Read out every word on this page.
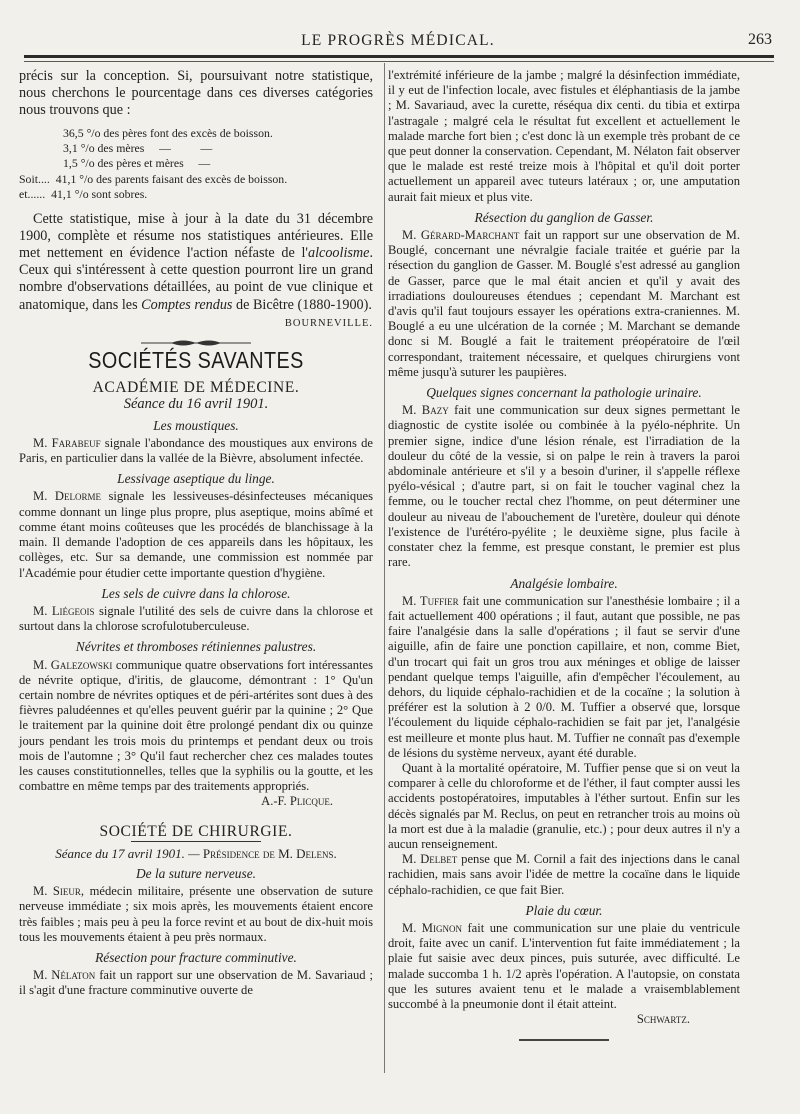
LE PROGRÈS MÉDICAL.	263

précis sur la conception. Si, poursuivant notre statistique, nous cherchons le pourcentage dans ces diverses catégories nous trouvons que :

36,5 °/o des pères font des excès de boisson.
3,1 °/o des mères     —          —
1,5 °/o des pères et mères     —
Soit....  41,1 °/o des parents faisant des excès de boisson.
et......  41,1 °/o sont sobres.

Cette statistique, mise à jour à la date du 31 décembre 1900, complète et résume nos statistiques antérieures. Elle met nettement en évidence l'action néfaste de l'alcoolisme. Ceux qui s'intéressent à cette question pourront lire un grand nombre d'observations détaillées, au point de vue clinique et anatomique, dans les Comptes rendus de Bicêtre (1880-1900).

BOURNEVILLE.
SOCIÉTÉS SAVANTES
ACADÉMIE DE MÉDECINE.
Séance du 16 avril 1901.
Les moustiques.

M. Farabeuf signale l'abondance des moustiques aux environs de Paris, en particulier dans la vallée de la Bièvre, absolument infectée.

Lessivage aseptique du linge.

M. Delorme signale les lessiveuses-désinfecteuses mécaniques comme donnant un linge plus propre, plus aseptique, moins abîmé et comme étant moins coûteuses que les procédés de blanchissage à la main. Il demande l'adoption de ces appareils dans les hôpitaux, les collèges, etc. Sur sa demande, une commission est nommée par l'Académie pour étudier cette importante question d'hygiène.

Les sels de cuivre dans la chlorose.

M. Liégeois signale l'utilité des sels de cuivre dans la chlorose et surtout dans la chlorose scrofulotuberculeuse.

Névrites et thromboses rétiniennes palustres.

M. Galezowski communique quatre observations fort intéressantes de névrite optique, d'iritis, de glaucome, démontrant : 1° Qu'un certain nombre de névrites optiques et de péri-artérites sont dues à des fièvres paludéennes et qu'elles peuvent guérir par la quinine ; 2° Que le traitement par la quinine doit être prolongé pendant dix ou quinze jours pendant les trois mois du printemps et pendant deux ou trois mois de l'automne ; 3° Qu'il faut rechercher chez ces malades toutes les causes constitutionnelles, telles que la syphilis ou la goutte, et les combattre en même temps par des traitements appropriés.

A.-F. Plicque.
SOCIÉTÉ DE CHIRURGIE.
Séance du 17 avril 1901. — Présidence de M. Delens.
De la suture nerveuse.

M. Sieur, médecin militaire, présente une observation de suture nerveuse immédiate ; six mois après, les mouvements étaient encore très faibles ; mais peu à peu la force revint et au bout de dix-huit mois tous les mouvements étaient à peu près normaux.

Résection pour fracture comminutive.

M. Nélaton fait un rapport sur une observation de M. Savariaud ; il s'agit d'une fracture comminutive ouverte de

l'extrémité inférieure de la jambe ; malgré la désinfection immédiate, il y eut de l'infection locale, avec fistules et éléphantiasis de la jambe ; M. Savariaud, avec la curette, réséqua dix centi. du tibia et extirpa l'astragale ; malgré cela le résultat fut excellent et actuellement le malade marche fort bien ; c'est donc là un exemple très probant de ce que peut donner la conservation. Cependant, M. Nélaton fait observer que le malade est resté treize mois à l'hôpital et qu'il doit porter actuellement un appareil avec tuteurs latéraux ; or, une amputation aurait fait mieux et plus vite.

Résection du ganglion de Gasser.

M. Gérard-Marchant fait un rapport sur une observation de M. Bouglé, concernant une névralgie faciale traitée et guérie par la résection du ganglion de Gasser. M. Bouglé s'est adressé au ganglion de Gasser, parce que le mal était ancien et qu'il y avait des irradiations douloureuses étendues ; cependant M. Marchant est d'avis qu'il faut toujours essayer les opérations extra-craniennes. M. Bouglé a eu une ulcération de la cornée ; M. Marchant se demande donc si M. Bouglé a fait le traitement préopératoire de l'œil correspondant, traitement nécessaire, et quelques chirurgiens vont même jusqu'à suturer les paupières.

Quelques signes concernant la pathologie urinaire.

M. Bazy fait une communication sur deux signes permettant le diagnostic de cystite isolée ou combinée à la pyélo-néphrite. Un premier signe, indice d'une lésion rénale, est l'irradiation de la douleur du côté de la vessie, si on palpe le rein à travers la paroi abdominale antérieure et s'il y a besoin d'uriner, il s'appelle réflexe pyélo-vésical ; d'autre part, si on fait le toucher vaginal chez la femme, ou le toucher rectal chez l'homme, on peut déterminer une douleur au niveau de l'abouchement de l'uretère, douleur qui dénote l'existence de l'urétéro-pyélite ; le deuxième signe, plus facile à constater chez la femme, est presque constant, le premier est plus rare.

Analgésie lombaire.

M. Tuffier fait une communication sur l'anesthésie lombaire ; il a fait actuellement 400 opérations ; il faut, autant que possible, ne pas faire l'analgésie dans la salle d'opérations ; il faut se servir d'une aiguille, afin de faire une ponction capillaire, et non, comme Biet, d'un trocart qui fait un gros trou aux méninges et oblige de laisser pendant quelque temps l'aiguille, afin d'empêcher l'écoulement, au dehors, du liquide céphalo-rachidien et de la cocaïne ; la solution à préférer est la solution à 2 0/0. M. Tuffier a observé que, lorsque l'écoulement du liquide céphalo-rachidien se fait par jet, l'analgésie est meilleure et monte plus haut. M. Tuffier ne connaît pas d'exemple de lésions du système nerveux, ayant été durable.

Quant à la mortalité opératoire, M. Tuffier pense que si on veut la comparer à celle du chloroforme et de l'éther, il faut compter aussi les accidents postopératoires, imputables à l'éther surtout. Enfin sur les décès signalés par M. Reclus, on peut en retrancher trois au moins où la mort est due à la maladie (granulie, etc.) ; pour deux autres il n'y a aucun renseignement.

M. Delbet pense que M. Cornil a fait des injections dans le canal rachidien, mais sans avoir l'idée de mettre la cocaïne dans le liquide céphalo-rachidien, ce que fait Bier.

Plaie du cœur.

M. Mignon fait une communication sur une plaie du ventricule droit, faite avec un canif. L'intervention fut faite immédiatement ; la plaie fut saisie avec deux pinces, puis suturée, avec difficulté. Le malade succomba 1 h. 1/2 après l'opération. A l'autopsie, on constata que les sutures avaient tenu et le malade a vraisemblablement succombé à la pneumonie dont il était atteint.

Schwartz.
